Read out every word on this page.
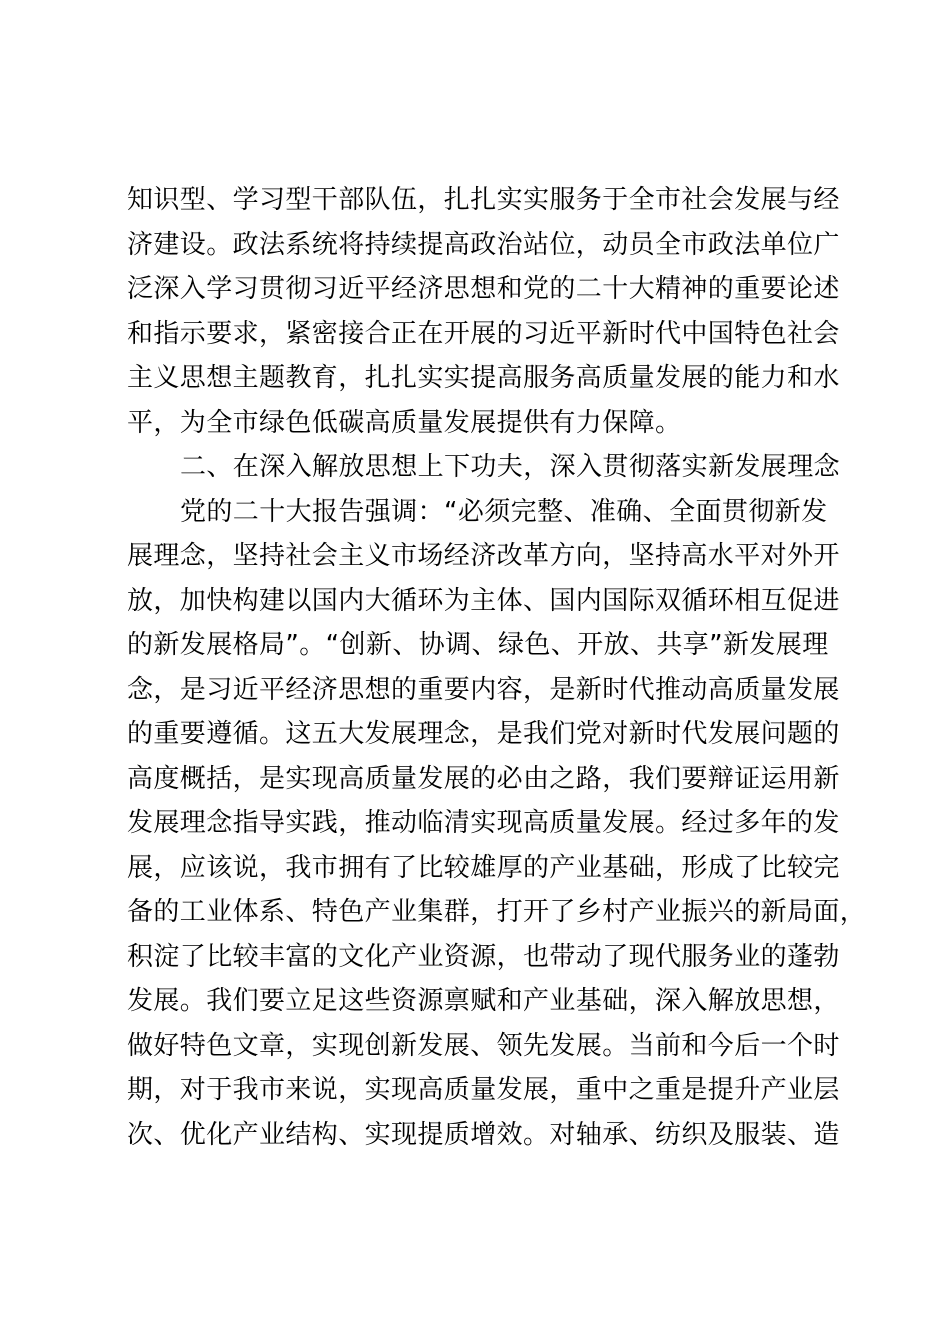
知识型、学习型干部队伍，扎扎实实服务于全市社会发展与经
济建设。政法系统将持续提高政治站位，动员全市政法单位广
泛深入学习贯彻习近平经济思想和党的二十大精神的重要论述
和指示要求，紧密接合正在开展的习近平新时代中国特色社会
主义思想主题教育，扎扎实实提高服务高质量发展的能力和水
平，为全市绿色低碳高质量发展提供有力保障。
二、在深入解放思想上下功夫，深入贯彻落实新发展理念
党的二十大报告强调：“必须完整、准确、全面贯彻新发
展理念，坚持社会主义市场经济改革方向，坚持高水平对外开
放，加快构建以国内大循环为主体、国内国际双循环相互促进
的新发展格局”。“创新、协调、绿色、开放、共享”新发展理
念，是习近平经济思想的重要内容，是新时代推动高质量发展
的重要遵循。这五大发展理念，是我们党对新时代发展问题的
高度概括，是实现高质量发展的必由之路，我们要辩证运用新
发展理念指导实践，推动临清实现高质量发展。经过多年的发
展，应该说，我市拥有了比较雄厚的产业基础，形成了比较完
备的工业体系、特色产业集群，打开了乡村产业振兴的新局面，
积淀了比较丰富的文化产业资源，也带动了现代服务业的蓬勃
发展。我们要立足这些资源禀赋和产业基础，深入解放思想，
做好特色文章，实现创新发展、领先发展。当前和今后一个时
期，对于我市来说，实现高质量发展，重中之重是提升产业层
次、优化产业结构、实现提质增效。对轴承、纺织及服装、造
